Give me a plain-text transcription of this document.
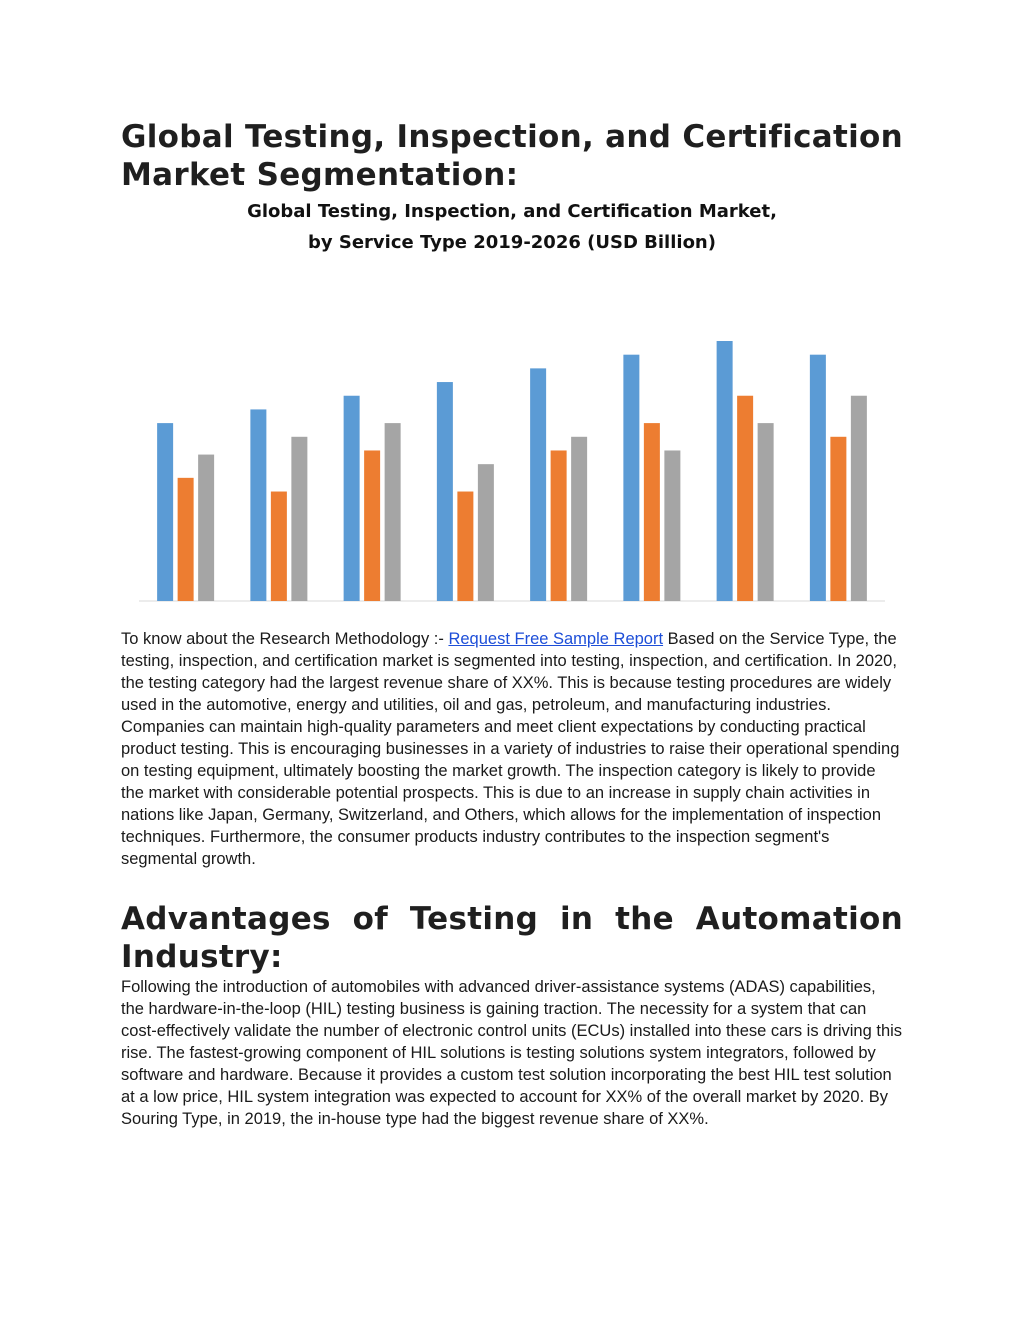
Global Testing, Inspection, and Certification Market Segmentation:
Global Testing, Inspection, and Certification Market,
by Service Type 2019-2026 (USD Billion)

To know about the Research Methodology :- Request Free Sample Report Based on the Service Type, the testing, inspection, and certification market is segmented into testing, inspection, and certification. In 2020, the testing category had the largest revenue share of XX%. This is because testing procedures are widely used in the automotive, energy and utilities, oil and gas, petroleum, and manufacturing industries. Companies can maintain high-quality parameters and meet client expectations by conducting practical product testing. This is encouraging businesses in a variety of industries to raise their operational spending on testing equipment, ultimately boosting the market growth. The inspection category is likely to provide the market with considerable potential prospects. This is due to an increase in supply chain activities in nations like Japan, Germany, Switzerland, and Others, which allows for the implementation of inspection techniques. Furthermore, the consumer products industry contributes to the inspection segment's segmental growth.

Advantages of Testing in the Automation Industry:

Following the introduction of automobiles with advanced driver-assistance systems (ADAS) capabilities, the hardware-in-the-loop (HIL) testing business is gaining traction. The necessity for a system that can cost-effectively validate the number of electronic control units (ECUs) installed into these cars is driving this rise. The fastest-growing component of HIL solutions is testing solutions system integrators, followed by software and hardware. Because it provides a custom test solution incorporating the best HIL test solution at a low price, HIL system integration was expected to account for XX% of the overall market by 2020. By Souring Type, in 2019, the in-house type had the biggest revenue share of XX%.
